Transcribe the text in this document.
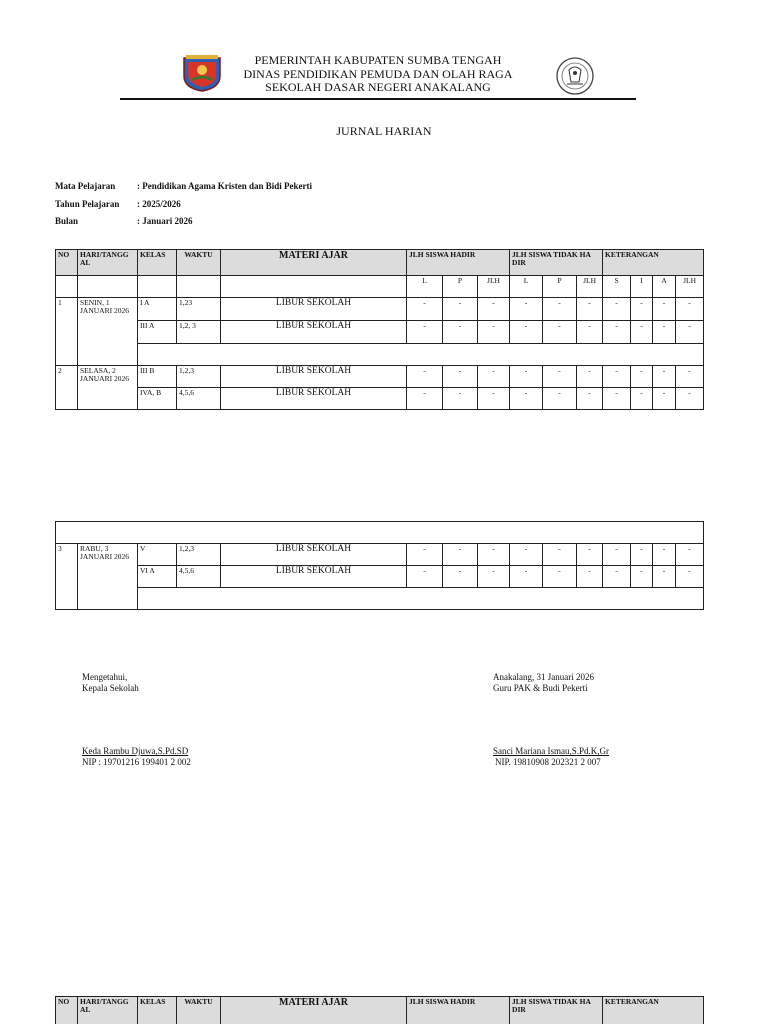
PEMERINTAH KABUPATEN SUMBA TENGAH
DINAS PENDIDIKAN PEMUDA DAN OLAH RAGA
SEKOLAH DASAR NEGERI ANAKALANG
JURNAL HARIAN
Mata Pelajaran : Pendidikan Agama Kristen dan Bidi Pekerti
Tahun Pelajaran : 2025/2026
Bulan	: Januari 2026
NO	HARI/TANGG AL	KELAS	WAKTU	MATERI AJAR	JLH SISWA HADIR			JLH SISWA TIDAK HA DIR			KETERANGAN			
					L	P	JLH	L	P	JLH	S	I	A	JLH
1	SENIN, 1 JANUARI 2026	I A	1,23	LIBUR SEKOLAH	-	-	-	-	-	-	-	-	-	-
		III A	1,2, 3	LIBUR SEKOLAH	-	-	-	-	-	-	-	-	-	-

2	SELASA, 2 JANUARI 2026	III B	1,2,3	LIBUR SEKOLAH	-	-	-	-	-	-	-	-	-	-
		IVA, B	4,5,6	LIBUR SEKOLAH	-	-	-	-	-	-	-	-	-	-

3	RABU, 3 JANUARI 2026	V	1,2,3	LIBUR SEKOLAH	-	-	-	-	-	-	-	-	-	-
		VI A	4,5,6	LIBUR SEKOLAH	-	-	-	-	-	-	-	-	-	-

Mengetahui,
Kepala Sekolah
Keda Rambu Djuwa,S.Pd.SD
NIP : 19701216 199401 2 002
Anakalang, 31 Januari 2026
Guru PAK & Budi Pekerti
Sanci Mariana Ismau,S.Pd.K,Gr
NIP. 19810908 202321 2 007
NO	HARI/TANGG AL	KELAS	WAKTU	MATERI AJAR	JLH SISWA HADIR	JLH SISWA TIDAK HA DIR	KETERANGAN
